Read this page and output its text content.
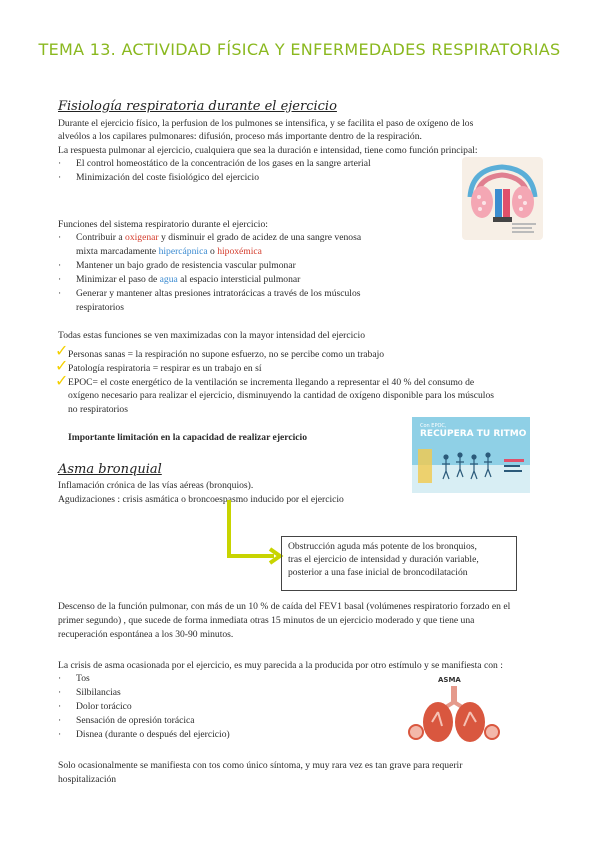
TEMA 13. ACTIVIDAD FÍSICA Y ENFERMEDADES RESPIRATORIAS
Fisiología respiratoria durante el ejercicio
Durante el ejercicio físico, la perfusion de los pulmones se intensifica, y se facilita el paso de oxígeno de los
alveólos a los capilares pulmonares: difusión, proceso más importante dentro de la respiración.
La respuesta pulmonar al ejercicio, cualquiera que sea la duración e intensidad, tiene como función principal:
· El control homeostático de la concentración de los gases en la sangre arterial
· Minimización del coste fisiológico del ejercicio
Funciones del sistema respiratorio durante el ejercicio:
· Contribuir a oxigenar y disminuir el grado de acidez de una sangre venosa
mixta marcadamente hipercápnica o hipoxémica
· Mantener un bajo grado de resistencia vascular pulmonar
· Minimizar el paso de agua al espacio intersticial pulmonar
· Generar y mantener altas presiones intratorácicas a través de los músculos
respiratorios
Todas estas funciones se ven maximizadas con la mayor intensidad del ejercicio
✓ Personas sanas = la respiración no supone esfuerzo, no se percibe como un trabajo
✓ Patología respiratoria = respirar es un trabajo en sí
✓ EPOC= el coste energético de la ventilación se incrementa llegando a representar el 40 % del consumo de
oxígeno necesario para realizar el ejercicio, disminuyendo la cantidad de oxígeno disponible para los músculos
no respiratorios
Importante limitación en la capacidad de realizar ejercicio
Con EPOC,
RECUPERA TU RITMO
Asma bronquial
Inflamación crónica de las vías aéreas (bronquios).
Agudizaciones : crisis asmática o broncoespasmo inducido por el ejercicio
Obstrucción aguda más potente de los bronquios,
tras el ejercicio de intensidad y duración variable,
posterior a una fase inicial de broncodilatación
Descenso de la función pulmonar, con más de un 10 % de caída del FEV1 basal (volúmenes respiratorio forzado en el
primer segundo) , que sucede de forma inmediata otras 15 minutos de un ejercicio moderado y que tiene una
recuperación espontánea a los 30-90 minutos.
La crisis de asma ocasionada por el ejercicio, es muy parecida a la producida por otro estímulo y se manifiesta con :
· Tos
· Silbilancias
· Dolor torácico
· Sensación de opresión torácica
· Disnea (durante o después del ejercicio)
ASMA
Solo ocasionalmente se manifiesta con tos como único síntoma, y muy rara vez es tan grave para requerir
hospitalización
